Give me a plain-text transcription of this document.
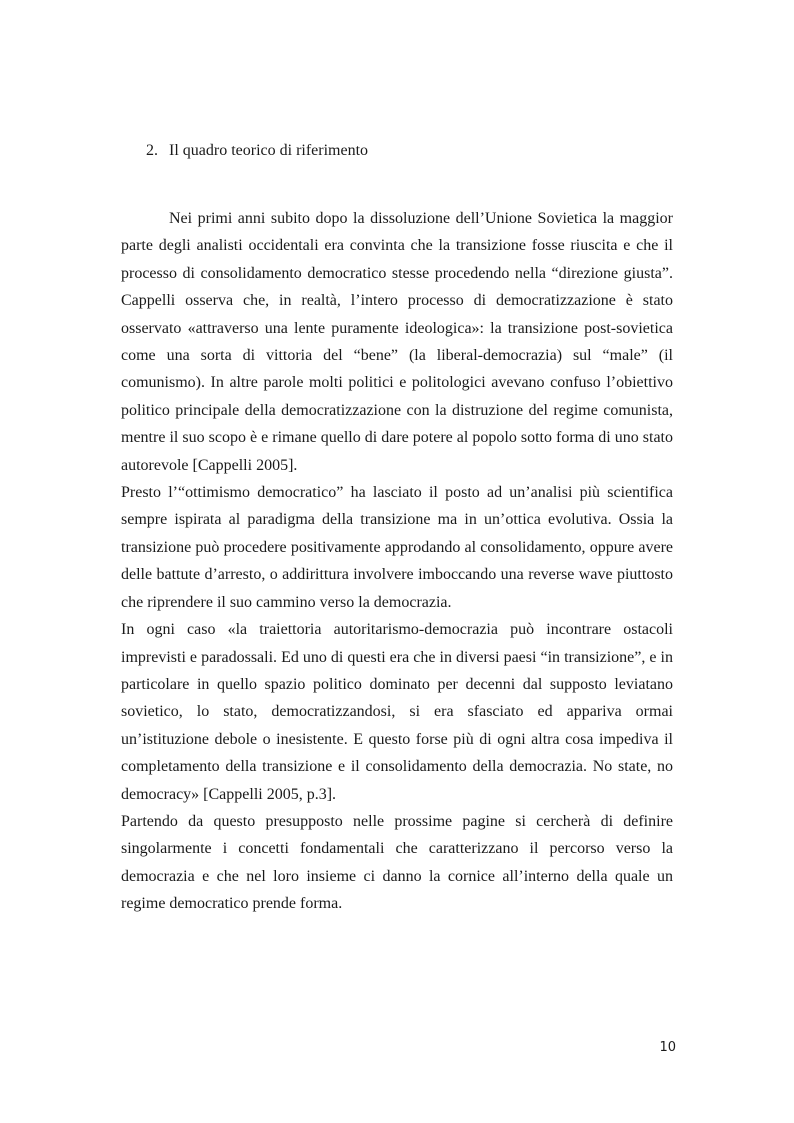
2. Il quadro teorico di riferimento

Nei primi anni subito dopo la dissoluzione dell’Unione Sovietica la maggior parte degli analisti occidentali era convinta che la transizione fosse riuscita e che il processo di consolidamento democratico stesse procedendo nella “direzione giusta”. Cappelli osserva che, in realtà, l’intero processo di democratizzazione è stato osservato «attraverso una lente puramente ideologica»: la transizione post-sovietica come una sorta di vittoria del “bene” (la liberal-democrazia) sul “male” (il comunismo). In altre parole molti politici e politologici avevano confuso l’obiettivo politico principale della democratizzazione con la distruzione del regime comunista, mentre il suo scopo è e rimane quello di dare potere al popolo sotto forma di uno stato autorevole [Cappelli 2005].

Presto l’“ottimismo democratico” ha lasciato il posto ad un’analisi più scientifica sempre ispirata al paradigma della transizione ma in un’ottica evolutiva. Ossia la transizione può procedere positivamente approdando al consolidamento, oppure avere delle battute d’arresto, o addirittura involvere imboccando una reverse wave piuttosto che riprendere il suo cammino verso la democrazia.

In ogni caso «la traiettoria autoritarismo-democrazia può incontrare ostacoli imprevisti e paradossali. Ed uno di questi era che in diversi paesi “in transizione”, e in particolare in quello spazio politico dominato per decenni dal supposto leviatano sovietico, lo stato, democratizzandosi, si era sfasciato ed appariva ormai un’istituzione debole o inesistente. E questo forse più di ogni altra cosa impediva il completamento della transizione e il consolidamento della democrazia. No state, no democracy» [Cappelli 2005, p.3].

Partendo da questo presupposto nelle prossime pagine si cercherà di definire singolarmente i concetti fondamentali che caratterizzano il percorso verso la democrazia e che nel loro insieme ci danno la cornice all’interno della quale un regime democratico prende forma.

10
